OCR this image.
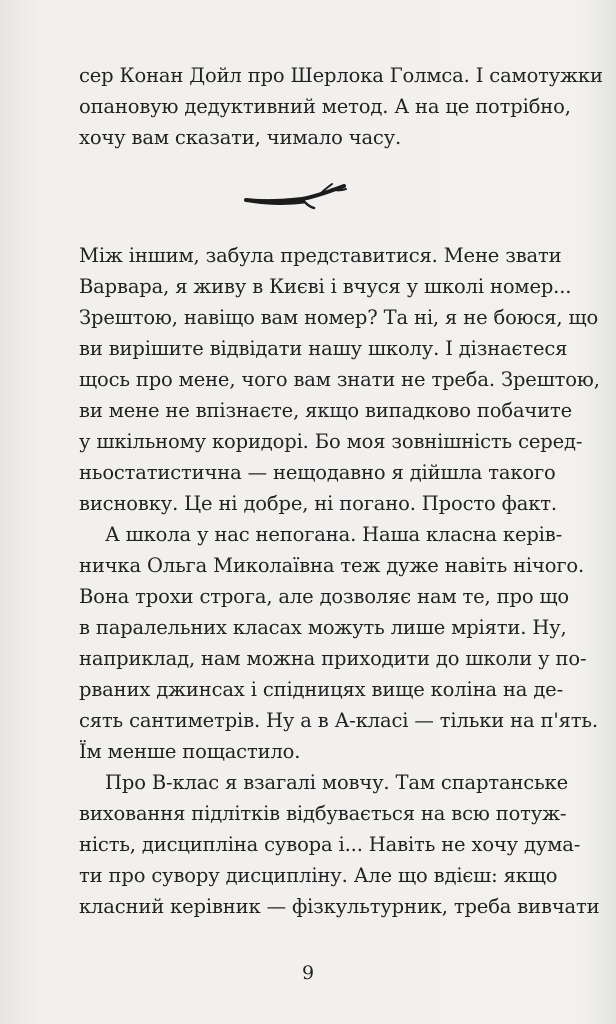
сер Конан Дойл про Шерлока Голмса. І самотужки
опановую дедуктивний метод. А на це потрібно,
хочу вам сказати, чимало часу.
Між іншим, забула представитися. Мене звати
Варвара, я живу в Києві і вчуся у школі номер...
Зрештою, навіщо вам номер? Та ні, я не боюся, що
ви вирішите відвідати нашу школу. І дізнаєтеся
щось про мене, чого вам знати не треба. Зрештою,
ви мене не впізнаєте, якщо випадково побачите
у шкільному коридорі. Бо моя зовнішність серед-
ньостатистична — нещодавно я дійшла такого
висновку. Це ні добре, ні погано. Просто факт.
А школа у нас непогана. Наша класна керів-
ничка Ольга Миколаївна теж дуже навіть нічого.
Вона трохи строга, але дозволяє нам те, про що
в паралельних класах можуть лише мріяти. Ну,
наприклад, нам можна приходити до школи у по-
рваних джинсах і спідницях вище коліна на де-
сять сантиметрів. Ну а в А-класі — тільки на п'ять.
Їм менше пощастило.
Про В-клас я взагалі мовчу. Там спартанське
виховання підлітків відбувається на всю потуж-
ність, дисципліна сувора і... Навіть не хочу дума-
ти про сувору дисципліну. Але що вдієш: якщо
класний керівник — фізкультурник, треба вивчати
9
